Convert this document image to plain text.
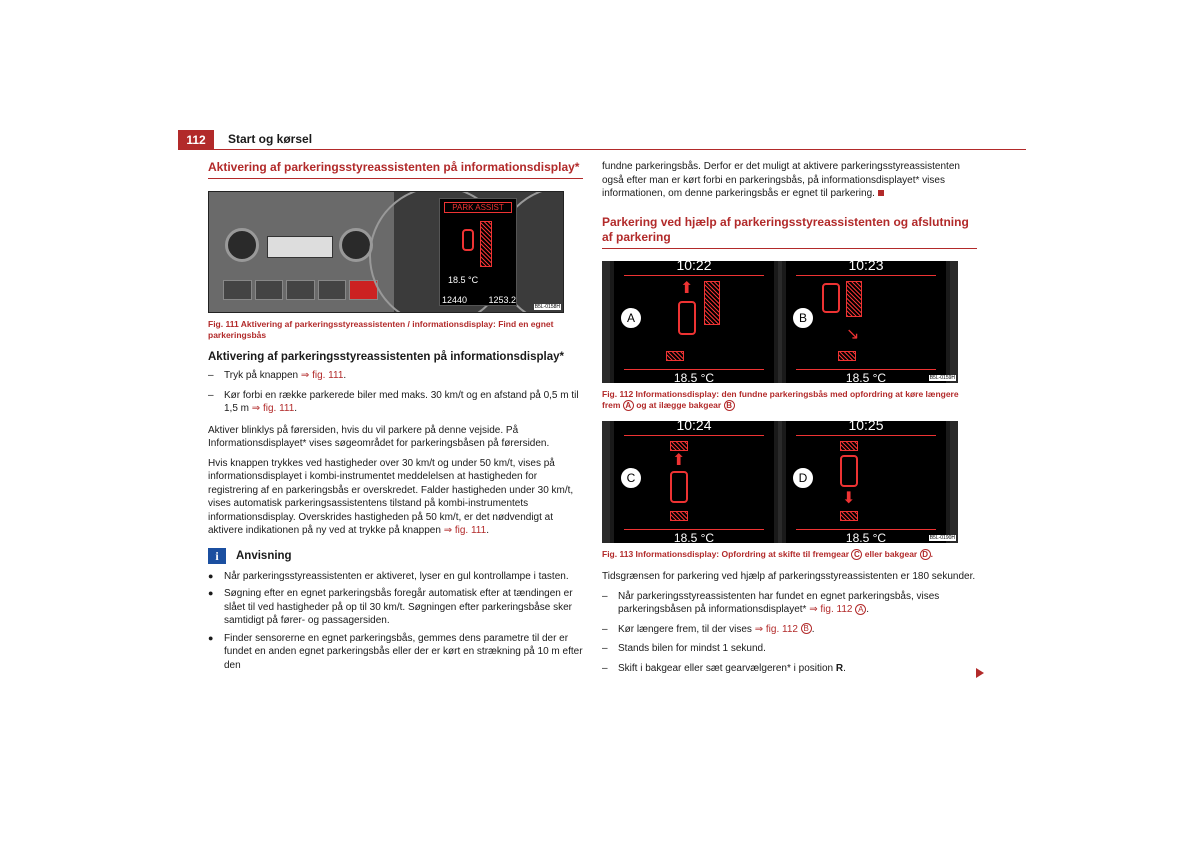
112	Start og kørsel
Aktivering af parkeringsstyreassistenten på informationsdisplay*
PARK ASSIST
18.5 °C
12440 1253.2
B5L-0158H
Fig. 111 Aktivering af parkeringsstyreassistenten / informationsdisplay: Find en egnet parkeringsbås
Aktivering af parkeringsstyreassistenten på informationsdisplay*
–	Tryk på knappen ⇒ fig. 111.
–	Kør forbi en række parkerede biler med maks. 30 km/t og en afstand på 0,5 m til 1,5 m ⇒ fig. 111.

Aktiver blinklys på førersiden, hvis du vil parkere på denne vejside. På Informationsdisplayet* vises søgeområdet for parkeringsbåsen på førersiden.

Hvis knappen trykkes ved hastigheder over 30 km/t og under 50 km/t, vises på informationsdisplayet i kombi-instrumentet meddelelsen at hastigheden for registrering af en parkeringsbås er overskredet. Falder hastigheden under 30 km/t, vises automatisk parkeringsassistentens tilstand på kombi-instrumentets informationsdisplay. Overskrides hastigheden på 50 km/t, er det nødvendigt at aktivere indikationen på ny ved at trykke på knappen ⇒ fig. 111.

i	Anvisning
●	Når parkeringsstyreassistenten er aktiveret, lyser en gul kontrollampe i tasten.
●	Søgning efter en egnet parkeringsbås foregår automatisk efter at tændingen er slået til ved hastigheder på op til 30 km/t. Søgningen efter parkeringsbåse sker samtidigt på fører- og passagersiden.
●	Finder sensorerne en egnet parkeringsbås, gemmes dens parametre til der er fundet en anden egnet parkeringsbås eller der er kørt en strækning på 10 m efter den

fundne parkeringsbås. Derfor er det muligt at aktivere parkeringsstyreassistenten også efter man er kørt forbi en parkeringsbås, på informationsdisplayet* vises informationen, om denne parkeringsbås er egnet til parkering.

Parkering ved hjælp af parkeringsstyreassistenten og afslutning af parkering
10:22
A
⬆
18.5 °C
10:23
B
↘
18.5 °C	B5L-0159H
Fig. 112 Informationsdisplay: den fundne parkeringsbås med opfordring at køre længere frem A og at ilægge bakgear B
10:24
C
⬆
18.5 °C
10:25
D
⬇
18.5 °C	B5L-0190H
Fig. 113 Informationsdisplay: Opfordring at skifte til fremgear C eller bakgear D .

Tidsgrænsen for parkering ved hjælp af parkeringsstyreassistenten er 180 sekunder.

–	Når parkeringsstyreassistenten har fundet en egnet parkeringsbås, vises parkeringsbåsen på informationsdisplayet* ⇒ fig. 112 A .
–	Kør længere frem, til der vises ⇒ fig. 112 B .
–	Stands bilen for mindst 1 sekund.
–	Skift i bakgear eller sæt gearvælgeren* i position R.
